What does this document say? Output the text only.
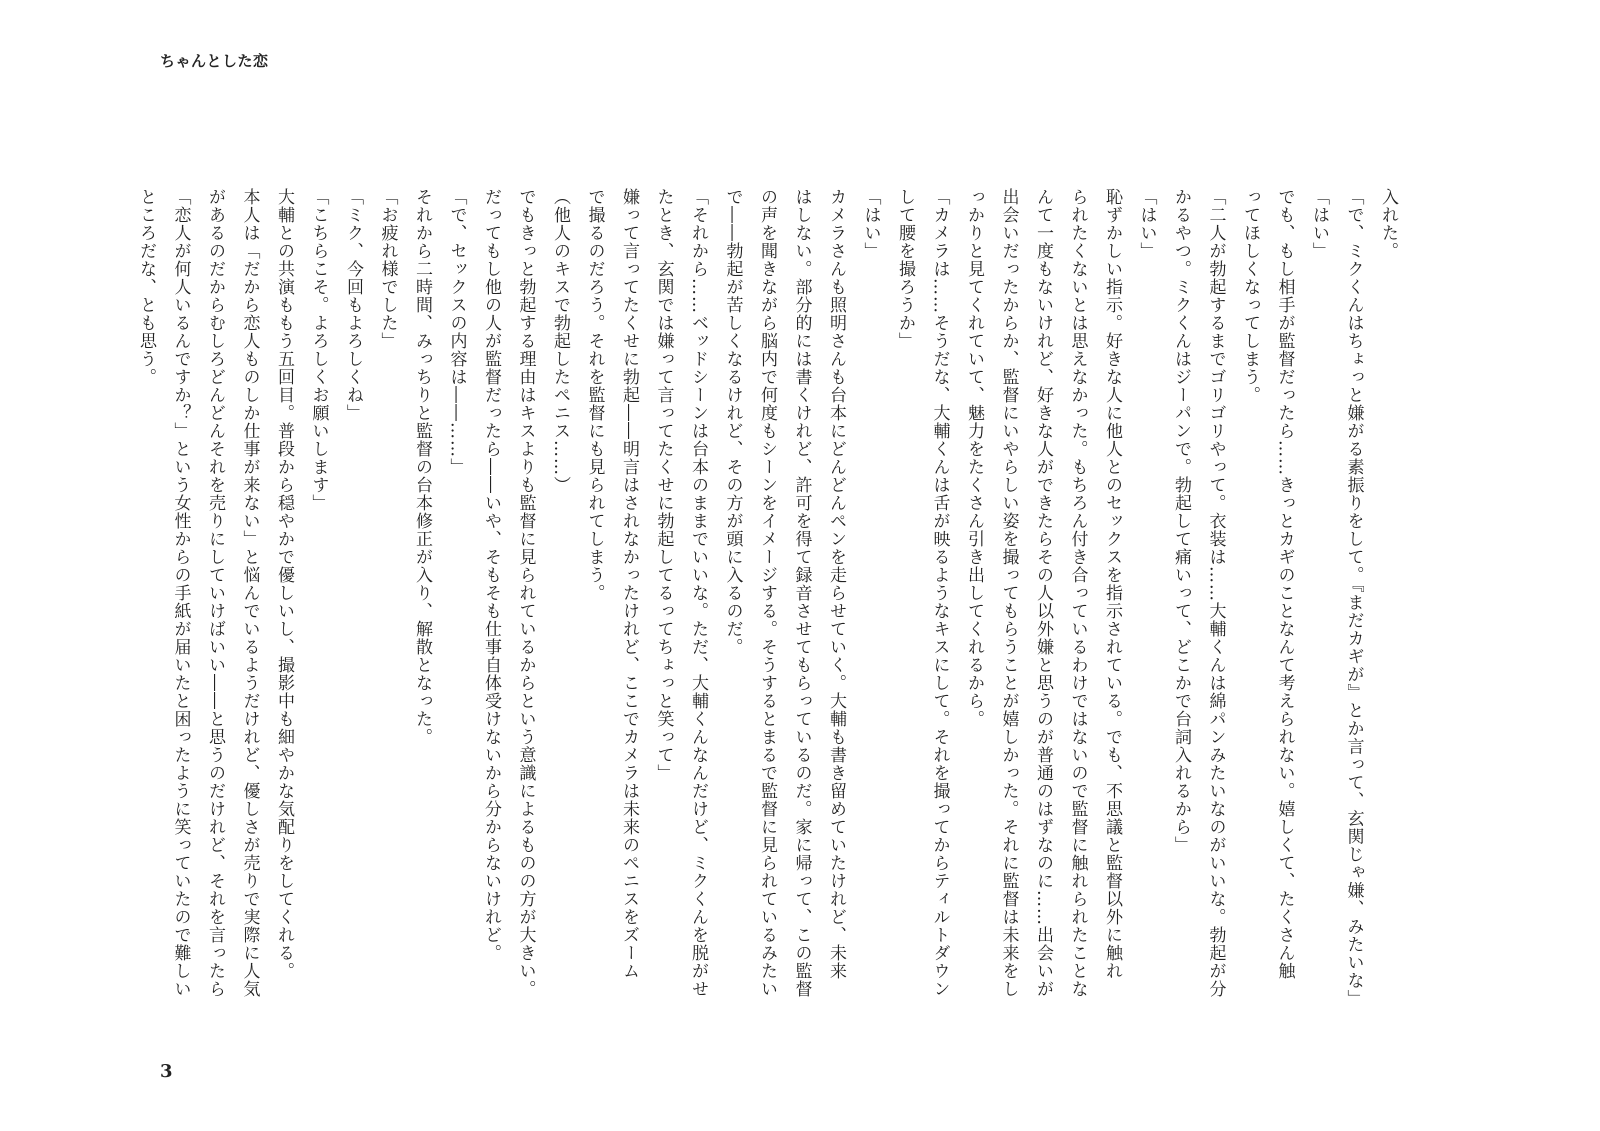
ちゃんとした恋
入れた。
「で、ミクくんはちょっと嫌がる素振りをして。『まだカギが』とか言って、玄関じゃ嫌、みたいな」
「はい」
でも、もし相手が監督だったら……きっとカギのことなんて考えられない。嬉しくて、たくさん触
ってほしくなってしまう。
「二人が勃起するまでゴリゴリやって。衣装は……大輔くんは綿パンみたいなのがいいな。勃起が分
かるやつ。ミクくんはジーパンで。勃起して痛いって、どこかで台詞入れるから」
「はい」
恥ずかしい指示。好きな人に他人とのセックスを指示されている。でも、不思議と監督以外に触れ
られたくないとは思えなかった。もちろん付き合っているわけではないので監督に触れられたことな
んて一度もないけれど、好きな人ができたらその人以外嫌と思うのが普通のはずなのに……出会いが
出会いだったからか、監督にいやらしい姿を撮ってもらうことが嬉しかった。それに監督は未来をし
っかりと見てくれていて、魅力をたくさん引き出してくれるから。
「カメラは……そうだな、大輔くんは舌が映るようなキスにして。それを撮ってからティルトダウン
して腰を撮ろうか」
「はい」
カメラさんも照明さんも台本にどんどんペンを走らせていく。大輔も書き留めていたけれど、未来
はしない。部分的には書くけれど、許可を得て録音させてもらっているのだ。家に帰って、この監督
の声を聞きながら脳内で何度もシーンをイメージする。そうするとまるで監督に見られているみたい
で――勃起が苦しくなるけれど、その方が頭に入るのだ。
「それから……ベッドシーンは台本のままでいいな。ただ、大輔くんなんだけど、ミクくんを脱がせ
たとき、玄関では嫌って言ってたくせに勃起してるってちょっと笑って」
嫌って言ってたくせに勃起――明言はされなかったけれど、ここでカメラは未来のペニスをズーム
で撮るのだろう。それを監督にも見られてしまう。
（他人のキスで勃起したペニス……）
でもきっと勃起する理由はキスよりも監督に見られているからという意識によるものの方が大きい。
だってもし他の人が監督だったら――いや、そもそも仕事自体受けないから分からないけれど。
「で、セックスの内容は――……」
それから二時間、みっちりと監督の台本修正が入り、解散となった。
「お疲れ様でした」
「ミク、今回もよろしくね」
「こちらこそ。よろしくお願いします」
大輔との共演ももう五回目。普段から穏やかで優しいし、撮影中も細やかな気配りをしてくれる。
本人は「だから恋人ものしか仕事が来ない」と悩んでいるようだけれど、優しさが売りで実際に人気
があるのだからむしろどんどんそれを売りにしていけばいい――と思うのだけれど、それを言ったら
「恋人が何人いるんですか？」という女性からの手紙が届いたと困ったように笑っていたので難しい
ところだな、とも思う。
3
